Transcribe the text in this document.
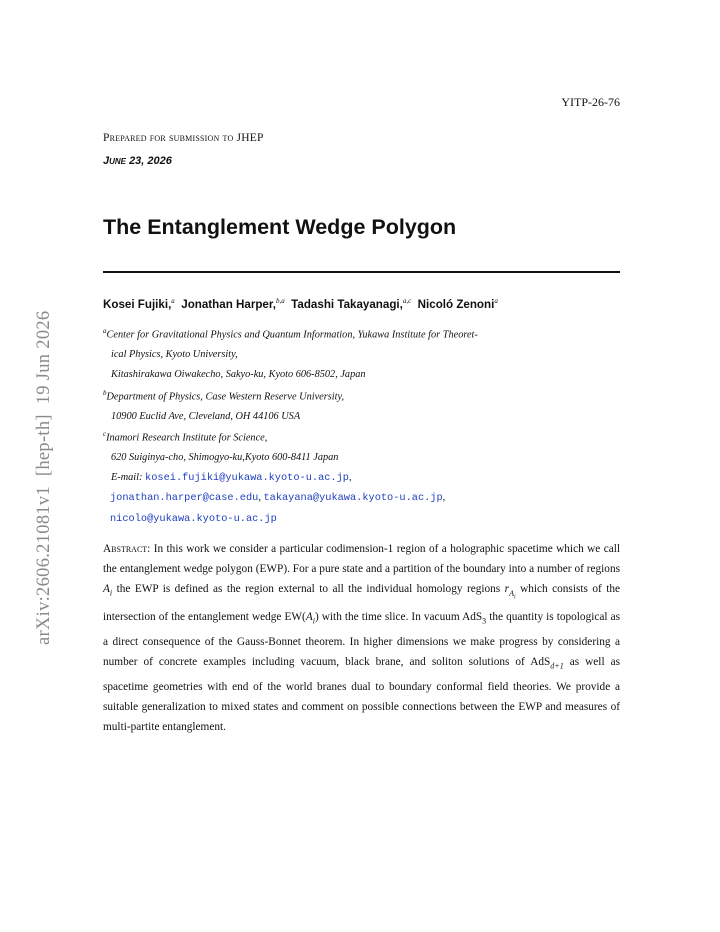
YITP-26-76
Prepared for submission to JHEP
June 23, 2026
The Entanglement Wedge Polygon
Kosei Fujiki,$^a$ Jonathan Harper,$^{b,a}$ Tadashi Takayanagi,$^{a,c}$ Nicoló Zenoni$^a$
$^a$Center for Gravitational Physics and Quantum Information, Yukawa Institute for Theoret-
ical Physics, Kyoto University,
Kitashirakawa Oiwakecho, Sakyo-ku, Kyoto 606-8502, Japan
$^b$Department of Physics, Case Western Reserve University,
10900 Euclid Ave, Cleveland, OH 44106 USA
$^c$Inamori Research Institute for Science,
620 Suiginya-cho, Shimogyo-ku,Kyoto 600-8411 Japan
E-mail: kosei.fujiki@yukawa.kyoto-u.ac.jp,
jonathan.harper@case.edu, takayana@yukawa.kyoto-u.ac.jp,
nicolo@yukawa.kyoto-u.ac.jp
Abstract: In this work we consider a particular codimension-1 region of a holographic spacetime which we call the entanglement wedge polygon (EWP). For a pure state and a partition of the boundary into a number of regions $A_i$ the EWP is defined as the region external to all the individual homology regions $r_{A_i}$ which consists of the intersection of the entanglement wedge $EW(A_i)$ with the time slice. In vacuum AdS$_3$ the quantity is topological as a direct consequence of the Gauss-Bonnet theorem. In higher dimensions we make progress by considering a number of concrete examples including vacuum, black brane, and soliton solutions of AdS$_{d+1}$ as well as spacetime geometries with end of the world branes dual to boundary conformal field theories. We provide a suitable generalization to mixed states and comment on possible connections between the EWP and measures of multi-partite entanglement.
arXiv:2606.21081v1  [hep-th]  19 Jun 2026
